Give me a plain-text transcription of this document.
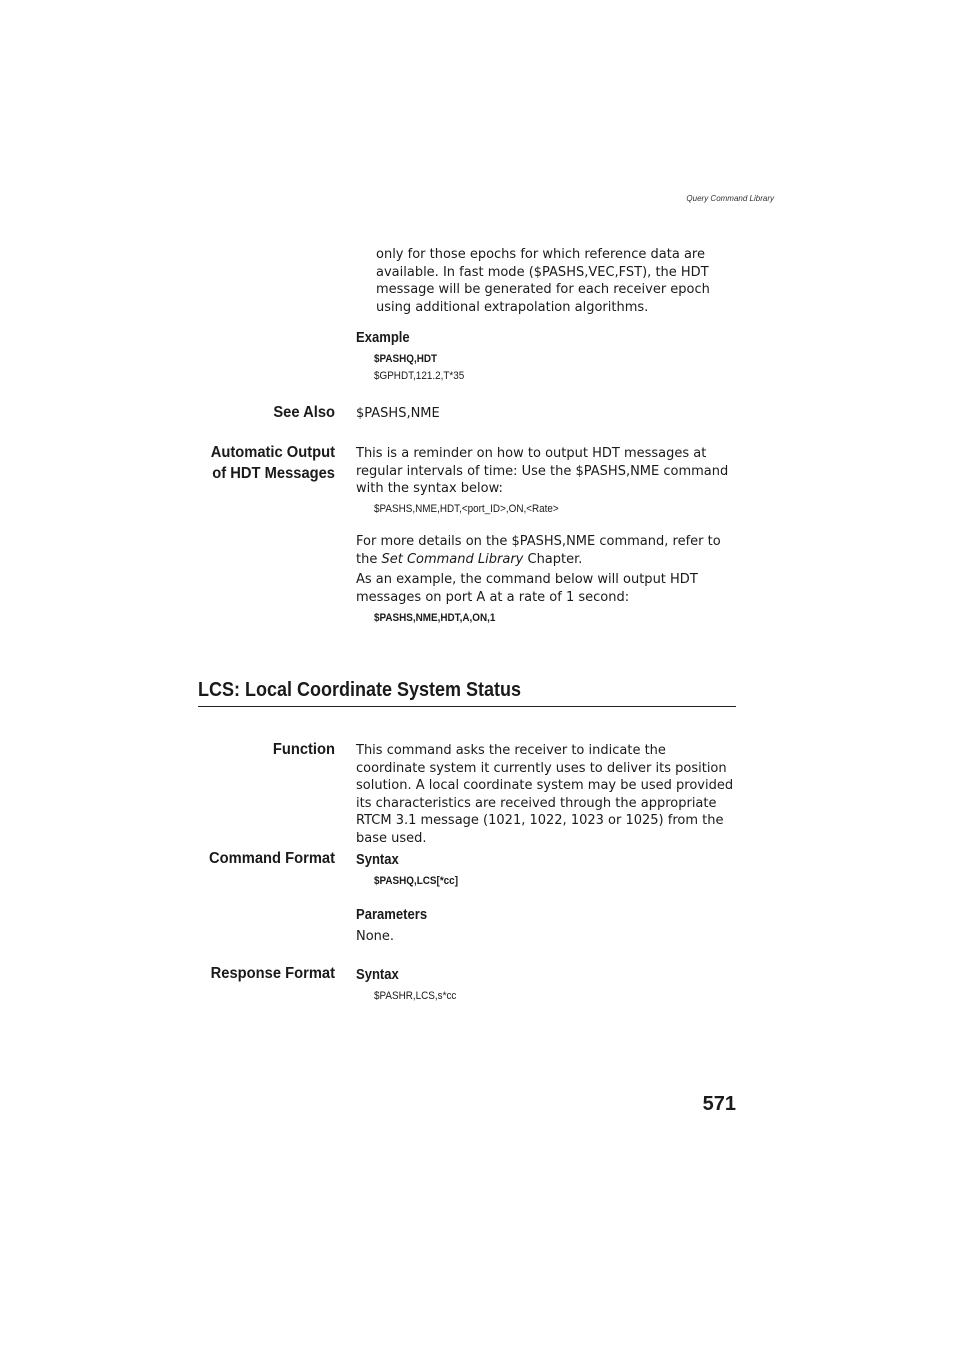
Query Command Library

only for those epochs for which reference data are available. In fast mode ($PASHS,VEC,FST), the HDT message will be generated for each receiver epoch using additional extrapolation algorithms.

Example
$PASHQ,HDT
$GPHDT,121.2,T*35
See Also $PASHS,NME
Automatic Output
of HDT Messages

This is a reminder on how to output HDT messages at regular intervals of time: Use the $PASHS,NME command with the syntax below:

$PASHS,NME,HDT,<port_ID>,ON,<Rate>

For more details on the $PASHS,NME command, refer to the Set Command Library Chapter.

As an example, the command below will output HDT messages on port A at a rate of 1 second:

$PASHS,NME,HDT,A,ON,1
LCS: Local Coordinate System Status
Function This command asks the receiver to indicate the coordinate system it currently uses to deliver its position solution. A local coordinate system may be used provided its characteristics are received through the appropriate RTCM 3.1 message (1021, 1022, 1023 or 1025) from the base used.

Command Format Syntax
$PASHQ,LCS[*cc]
Parameters
None.
Response Format Syntax
$PASHR,LCS,s*cc
571
